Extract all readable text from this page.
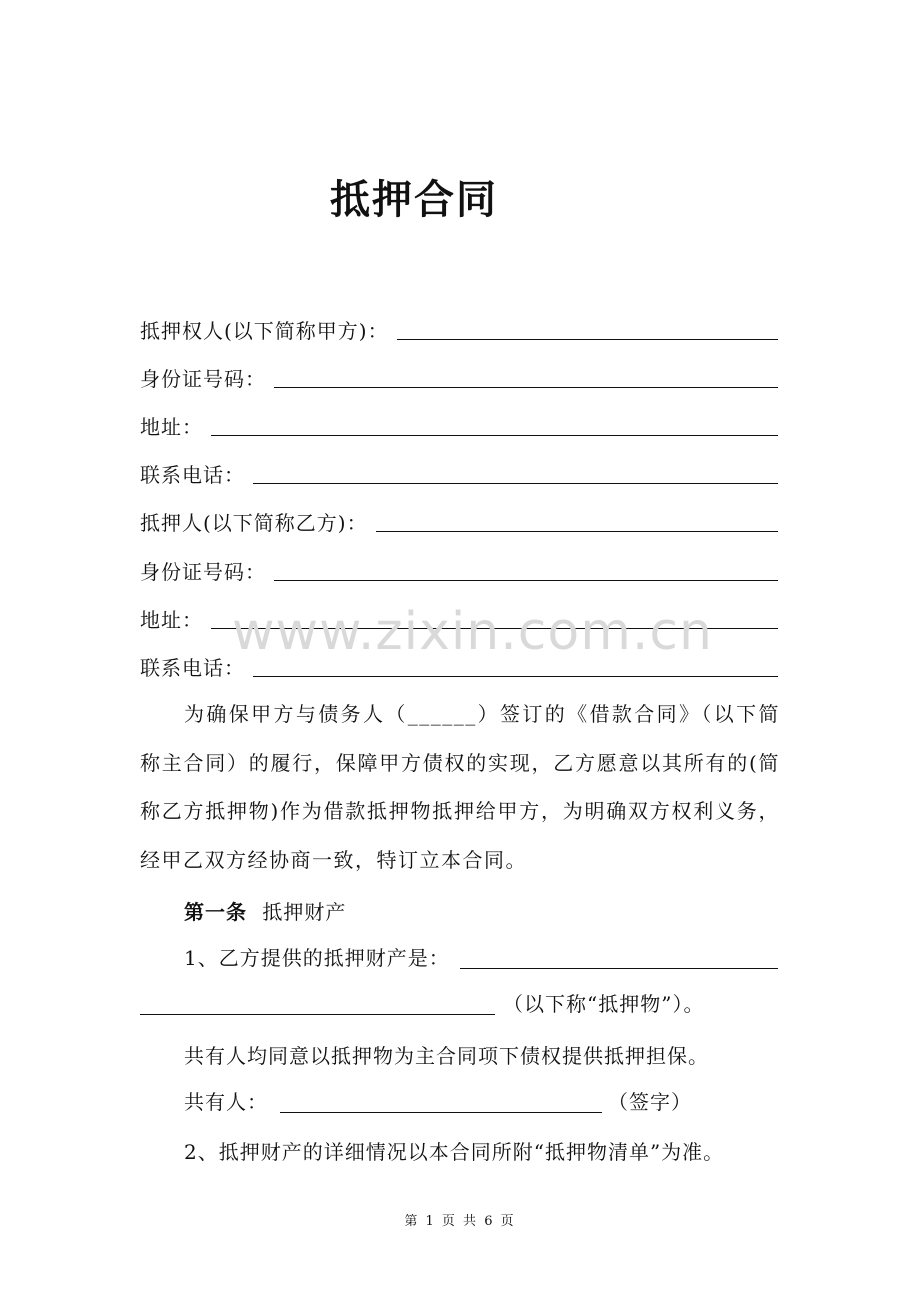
抵押合同
抵押权人(以下简称甲方)：
身份证号码：
地址：
联系电话：
抵押人(以下简称乙方)：
身份证号码：
地址：
联系电话：
www.zixin.com.cn

为确保甲方与债务人（______）签订的《借款合同》（以下简称主合同）的履行，保障甲方债权的实现，乙方愿意以其所有的(简称乙方抵押物)作为借款抵押物抵押给甲方，为明确双方权利义务，经甲乙双方经协商一致，特订立本合同。

第一条 抵押财产
1、乙方提供的抵押财产是：
（以下称“抵押物”）。
共有人均同意以抵押物为主合同项下债权提供抵押担保。
共有人：	（签字）
2、抵押财产的详细情况以本合同所附“抵押物清单”为准。
第 1 页 共 6 页
